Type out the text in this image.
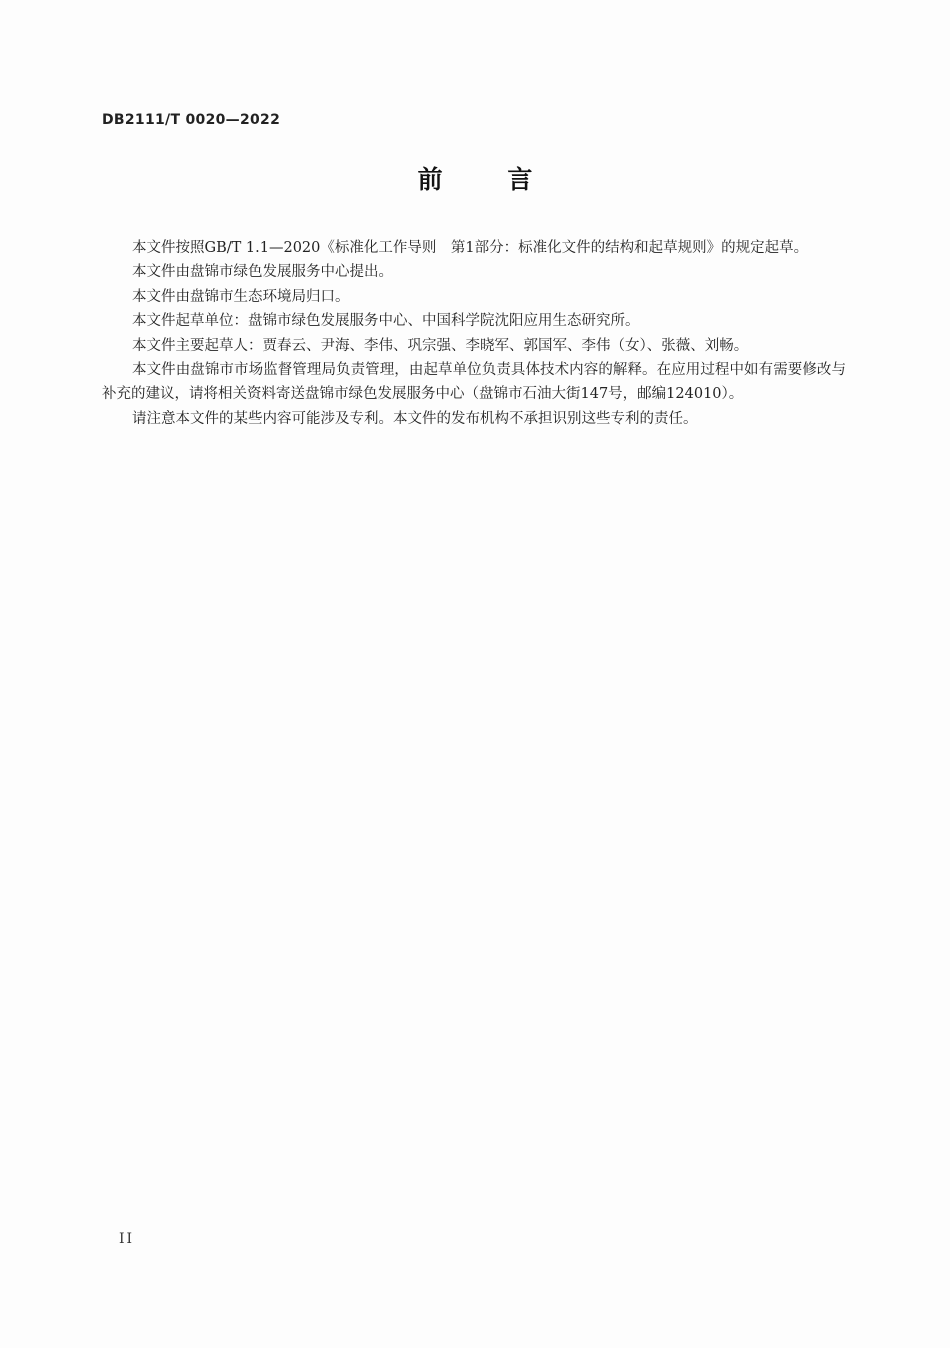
DB2111/T 0020—2022
前 言

本文件按照GB/T 1.1—2020《标准化工作导则　第1部分：标准化文件的结构和起草规则》的规定起草。

本文件由盘锦市绿色发展服务中心提出。

本文件由盘锦市生态环境局归口。

本文件起草单位：盘锦市绿色发展服务中心、中国科学院沈阳应用生态研究所。

本文件主要起草人：贾春云、尹海、李伟、巩宗强、李晓军、郭国军、李伟（女）、张薇、刘畅。

本文件由盘锦市市场监督管理局负责管理，由起草单位负责具体技术内容的解释。在应用过程中如有需要修改与补充的建议，请将相关资料寄送盘锦市绿色发展服务中心（盘锦市石油大街147号，邮编124010）。

请注意本文件的某些内容可能涉及专利。本文件的发布机构不承担识别这些专利的责任。

II
